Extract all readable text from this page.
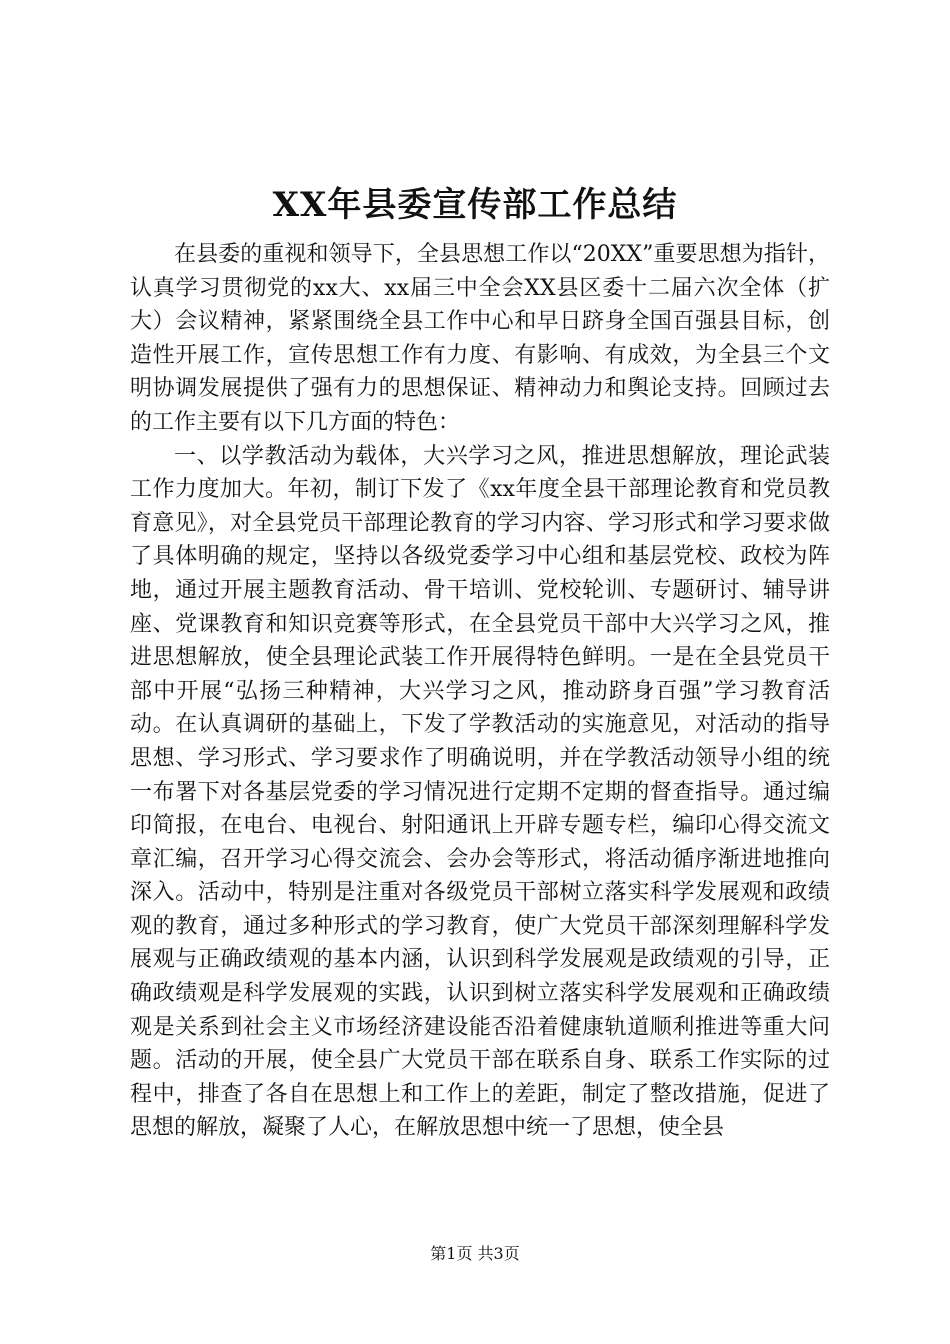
XX年县委宣传部工作总结

在县委的重视和领导下，全县思想工作以“20XX”重要思想为指针，认真学习贯彻党的xx大、xx届三中全会XX县区委十二届六次全体（扩大）会议精神，紧紧围绕全县工作中心和早日跻身全国百强县目标，创造性开展工作，宣传思想工作有力度、有影响、有成效，为全县三个文明协调发展提供了强有力的思想保证、精神动力和舆论支持。回顾过去的工作主要有以下几方面的特色：

一、以学教活动为载体，大兴学习之风，推进思想解放，理论武装工作力度加大。年初，制订下发了《xx年度全县干部理论教育和党员教育意见》，对全县党员干部理论教育的学习内容、学习形式和学习要求做了具体明确的规定，坚持以各级党委学习中心组和基层党校、政校为阵地，通过开展主题教育活动、骨干培训、党校轮训、专题研讨、辅导讲座、党课教育和知识竞赛等形式，在全县党员干部中大兴学习之风，推进思想解放，使全县理论武装工作开展得特色鲜明。一是在全县党员干部中开展“弘扬三种精神，大兴学习之风，推动跻身百强”学习教育活动。在认真调研的基础上，下发了学教活动的实施意见，对活动的指导思想、学习形式、学习要求作了明确说明，并在学教活动领导小组的统一布署下对各基层党委的学习情况进行定期不定期的督查指导。通过编印简报，在电台、电视台、射阳通讯上开辟专题专栏，编印心得交流文章汇编，召开学习心得交流会、会办会等形式，将活动循序渐进地推向深入。活动中，特别是注重对各级党员干部树立落实科学发展观和政绩观的教育，通过多种形式的学习教育，使广大党员干部深刻理解科学发展观与正确政绩观的基本内涵，认识到科学发展观是政绩观的引导，正确政绩观是科学发展观的实践，认识到树立落实科学发展观和正确政绩观是关系到社会主义市场经济建设能否沿着健康轨道顺利推进等重大问题。活动的开展，使全县广大党员干部在联系自身、联系工作实际的过程中，排查了各自在思想上和工作上的差距，制定了整改措施，促进了思想的解放，凝聚了人心，在解放思想中统一了思想，使全县

第1页 共3页
